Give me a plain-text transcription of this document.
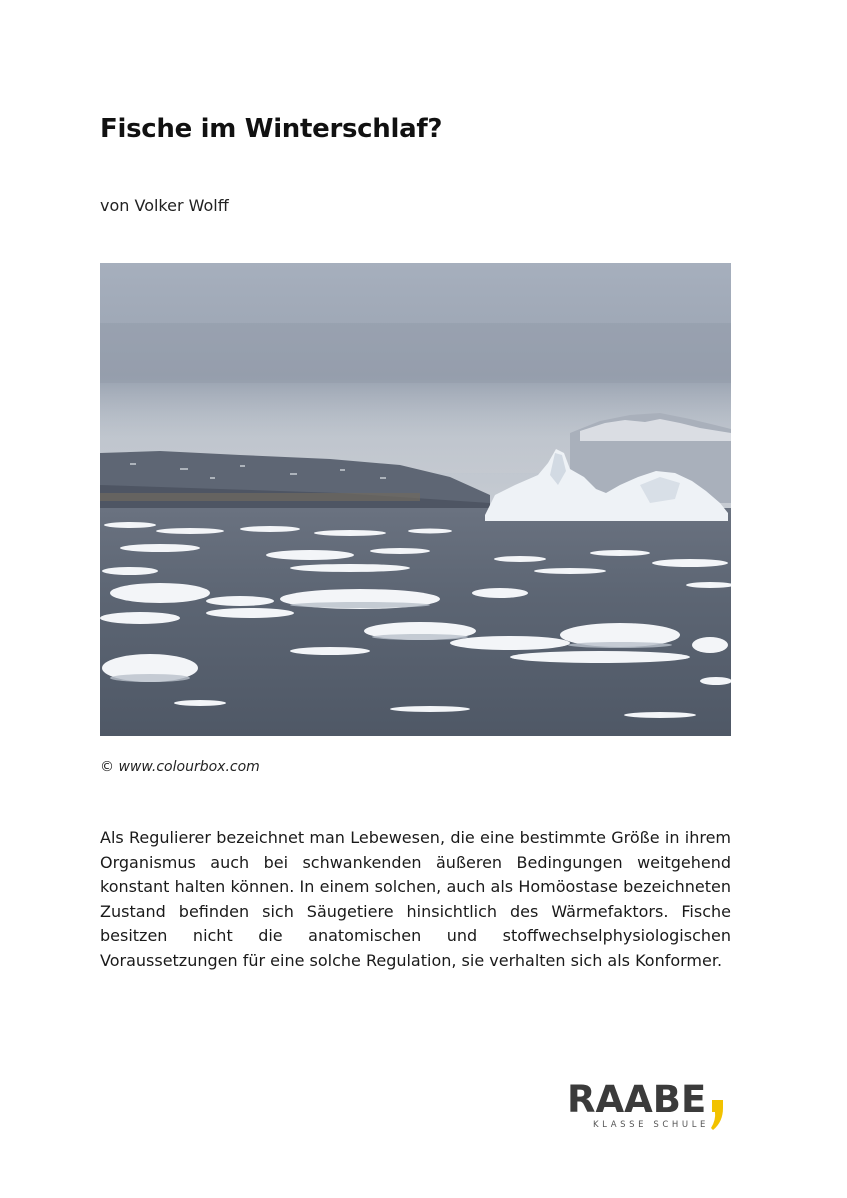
Fische im Winterschlaf?
von Volker Wolff
© www.colourbox.com

Als Regulierer bezeichnet man Lebewesen, die eine bestimmte Größe in ihrem Organismus auch bei schwankenden äußeren Bedingungen weitgehend konstant halten können. In einem solchen, auch als Homöostase bezeichneten Zustand befinden sich Säugetiere hinsichtlich des Wärmefaktors. Fische besitzen nicht die anatomischen und stoffwechselphysiologischen Voraussetzungen für eine solche Regulation, sie verhalten sich als Konformer.

RAABE
KLASSE SCHULE
